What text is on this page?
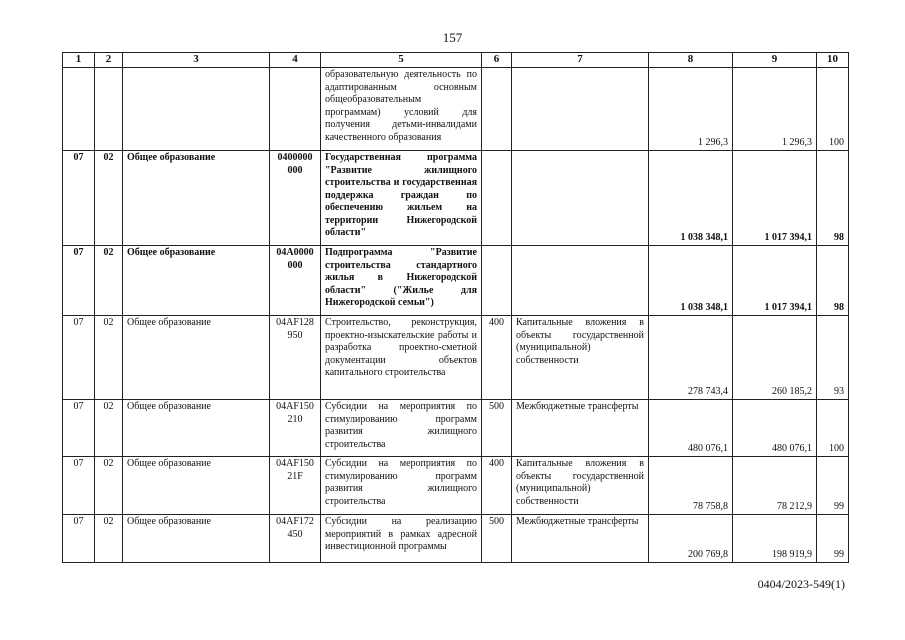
157
1	2	3	4	5	6	7	8	9	10
				образовательную деятельность по адаптированным основным общеобразовательным программам) условий для получения детьми-инвалидами качественного образования			1 296,3	1 296,3	100
07	02	Общее образование	0400000 000	Государственная программа "Развитие жилищного строительства и государственная поддержка граждан по обеспечению жильем на территории Нижегородской области"			1 038 348,1	1 017 394,1	98
07	02	Общее образование	04А0000 000	Подпрограмма "Развитие строительства стандартного жилья в Нижегородской области" ("Жилье для Нижегородской семьи")			1 038 348,1	1 017 394,1	98
07	02	Общее образование	04АF128 950	Строительство, реконструкция, проектно-изыскательские работы и разработка проектно-сметной документации объектов капитального строительства	400	Капитальные вложения в объекты государственной (муниципальной) собственности	278 743,4	260 185,2	93
07	02	Общее образование	04АF150 210	Субсидии на мероприятия по стимулированию программ развития жилищного строительства	500	Межбюджетные трансферты	480 076,1	480 076,1	100
07	02	Общее образование	04АF150 21F	Субсидии на мероприятия по стимулированию программ развития жилищного строительства	400	Капитальные вложения в объекты государственной (муниципальной) собственности	78 758,8	78 212,9	99
07	02	Общее образование	04АF172 450	Субсидии на реализацию мероприятий в рамках адресной инвестиционной программы	500	Межбюджетные трансферты	200 769,8	198 919,9	99
0404/2023-549(1)
